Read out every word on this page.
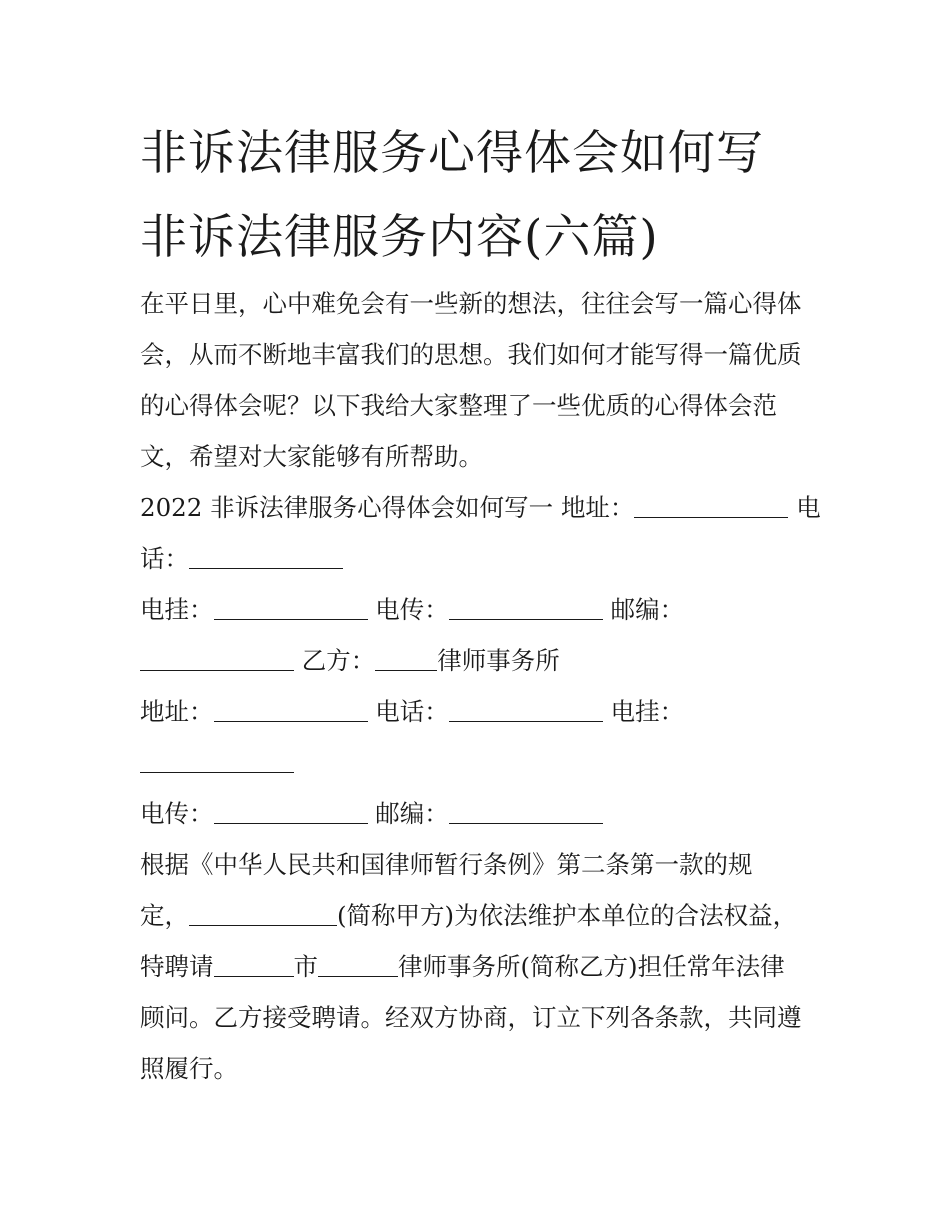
非诉法律服务心得体会如何写
非诉法律服务内容(六篇)

在平日里，心中难免会有一些新的想法，往往会写一篇心得体
会，从而不断地丰富我们的思想。我们如何才能写得一篇优质
的心得体会呢？以下我给大家整理了一些优质的心得体会范
文，希望对大家能够有所帮助。

2022 非诉法律服务心得体会如何写一 地址：	电
话：

电挂：	电传：	邮编：
乙方：	律师事务所

地址：	电话：	电挂：
电传：	邮编：

根据《中华人民共和国律师暂行条例》第二条第一款的规
定，	(简称甲方)为依法维护本单位的合法权益，
特聘请	市	律师事务所(简称乙方)担任常年法律
顾问。乙方接受聘请。经双方协商，订立下列各条款，共同遵
照履行。
